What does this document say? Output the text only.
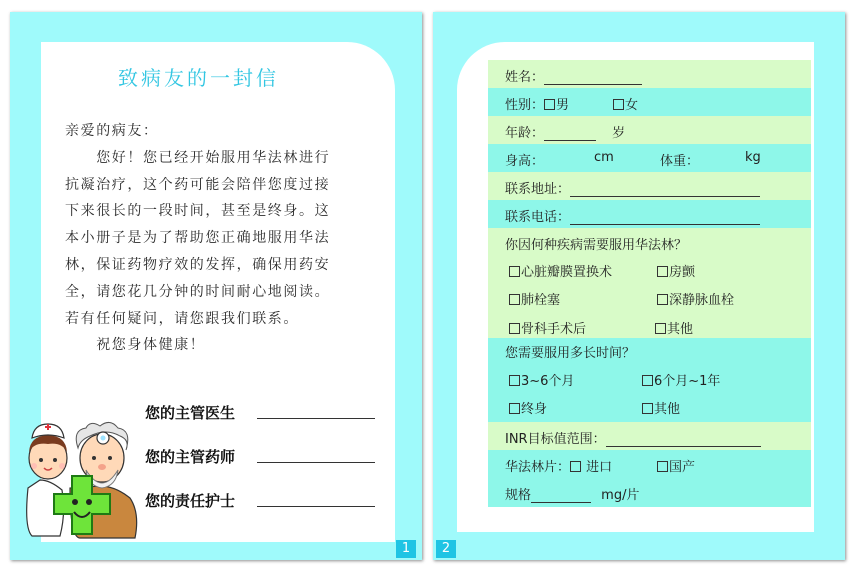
1
致病友的一封信
亲爱的病友：
　　您好！您已经开始服用华法林进行
抗凝治疗，这个药可能会陪伴您度过接
下来很长的一段时间，甚至是终身。这
本小册子是为了帮助您正确地服用华法
林，保证药物疗效的发挥，确保用药安
全，请您花几分钟的时间耐心地阅读。
若有任何疑问，请您跟我们联系。
　　祝您身体健康！
您的主管医生
您的主管药师
您的责任护士
2
姓名：
性别： 男	女
年龄：	岁
身高：	cm	体重：	kg
联系地址：
联系电话：
你因何种疾病需要服用华法林？
心脏瓣膜置换术	房颤
肺栓塞	深静脉血栓
骨科手术后	其他
您需要服用多长时间？
3~6个月	6个月~1年
终身	其他
INR目标值范围：
华法林片： 进口	国产
规格	mg/片
